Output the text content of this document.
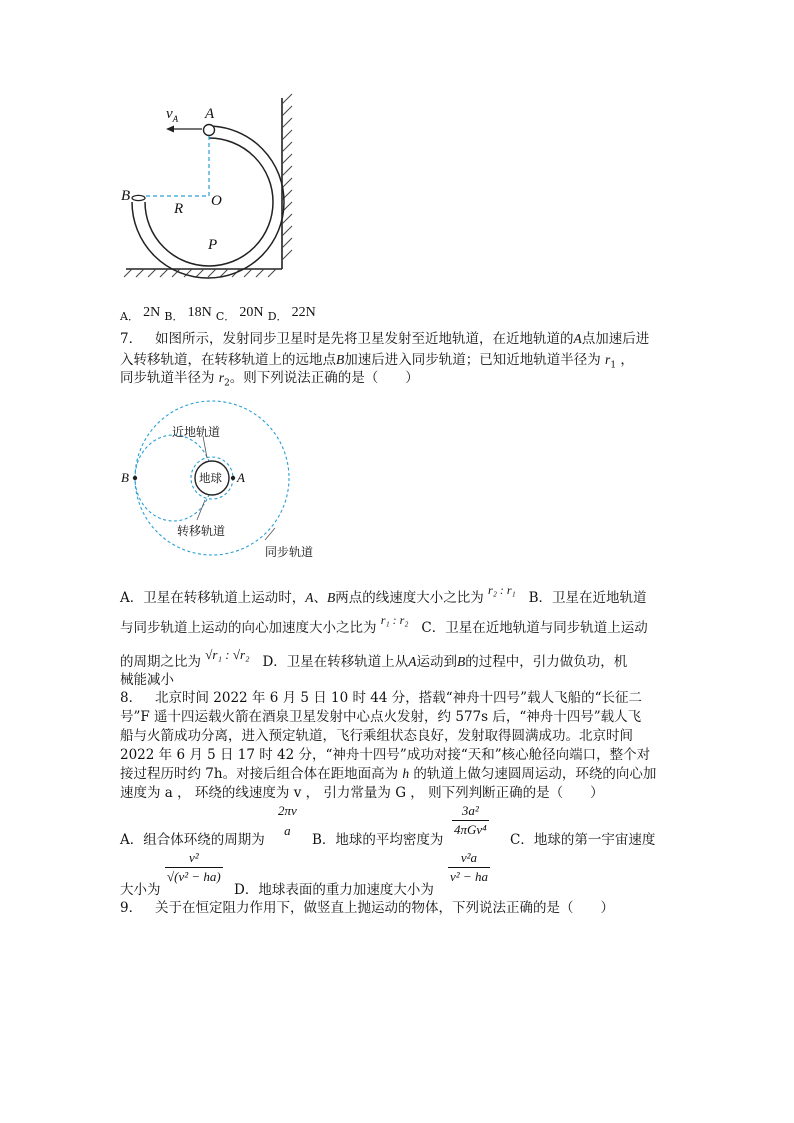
$v_A$ A
B	O
R
P
$_{A.}$ 2N $_{B.}$ 18N $_{C.}$ 20N $_{D.}$ 22N
7． 如图所示，发射同步卫星时是先将卫星发射至近地轨道，在近地轨道的A点加速后进
入转移轨道，在转移轨道上的远地点B加速后进入同步轨道；已知近地轨道半径为 $r_1$ ，
同步轨道半径为 $r_2$。则下列说法正确的是（　　）
近地轨道
地球 A
B
转移轨道
同步轨道
A．卫星在转移轨道上运动时，A、B两点的线速度大小之比为 r₂ : r₁ B．卫星在近地轨道
与同步轨道上运动的向心加速度大小之比为 r₁ : r₂ C．卫星在近地轨道与同步轨道上运动
的周期之比为 √r₁ : √r₂ D．卫星在转移轨道上从A运动到B的过程中，引力做负功，机
械能减小
8． 北京时间 2022 年 6 月 5 日 10 时 44 分，搭载“神舟十四号”载人飞船的“长征二
号”F 遥十四运载火箭在酒泉卫星发射中心点火发射，约 577s 后，“神舟十四号”载人飞
船与火箭成功分离，进入预定轨道，飞行乘组状态良好，发射取得圆满成功。北京时间
2022 年 6 月 5 日 17 时 42 分，“神舟十四号”成功对接“天和”核心舱径向端口，整个对
接过程历时约 7h。对接后组合体在距地面高为 h 的轨道上做匀速圆周运动，环绕的向心加
速度为 a ， 环绕的线速度为 v ， 引力常量为 G ， 则下列判断正确的是（　　）
A．组合体环绕的周期为
2πv
a
B．地球的平均密度为
3a²
4πGv⁴
C．地球的第一宇宙速度
大小为
v²
√(v² − ha)
D．地球表面的重力加速度大小为
v²a
v² − ha
9． 关于在恒定阻力作用下，做竖直上抛运动的物体，下列说法正确的是（　　）
